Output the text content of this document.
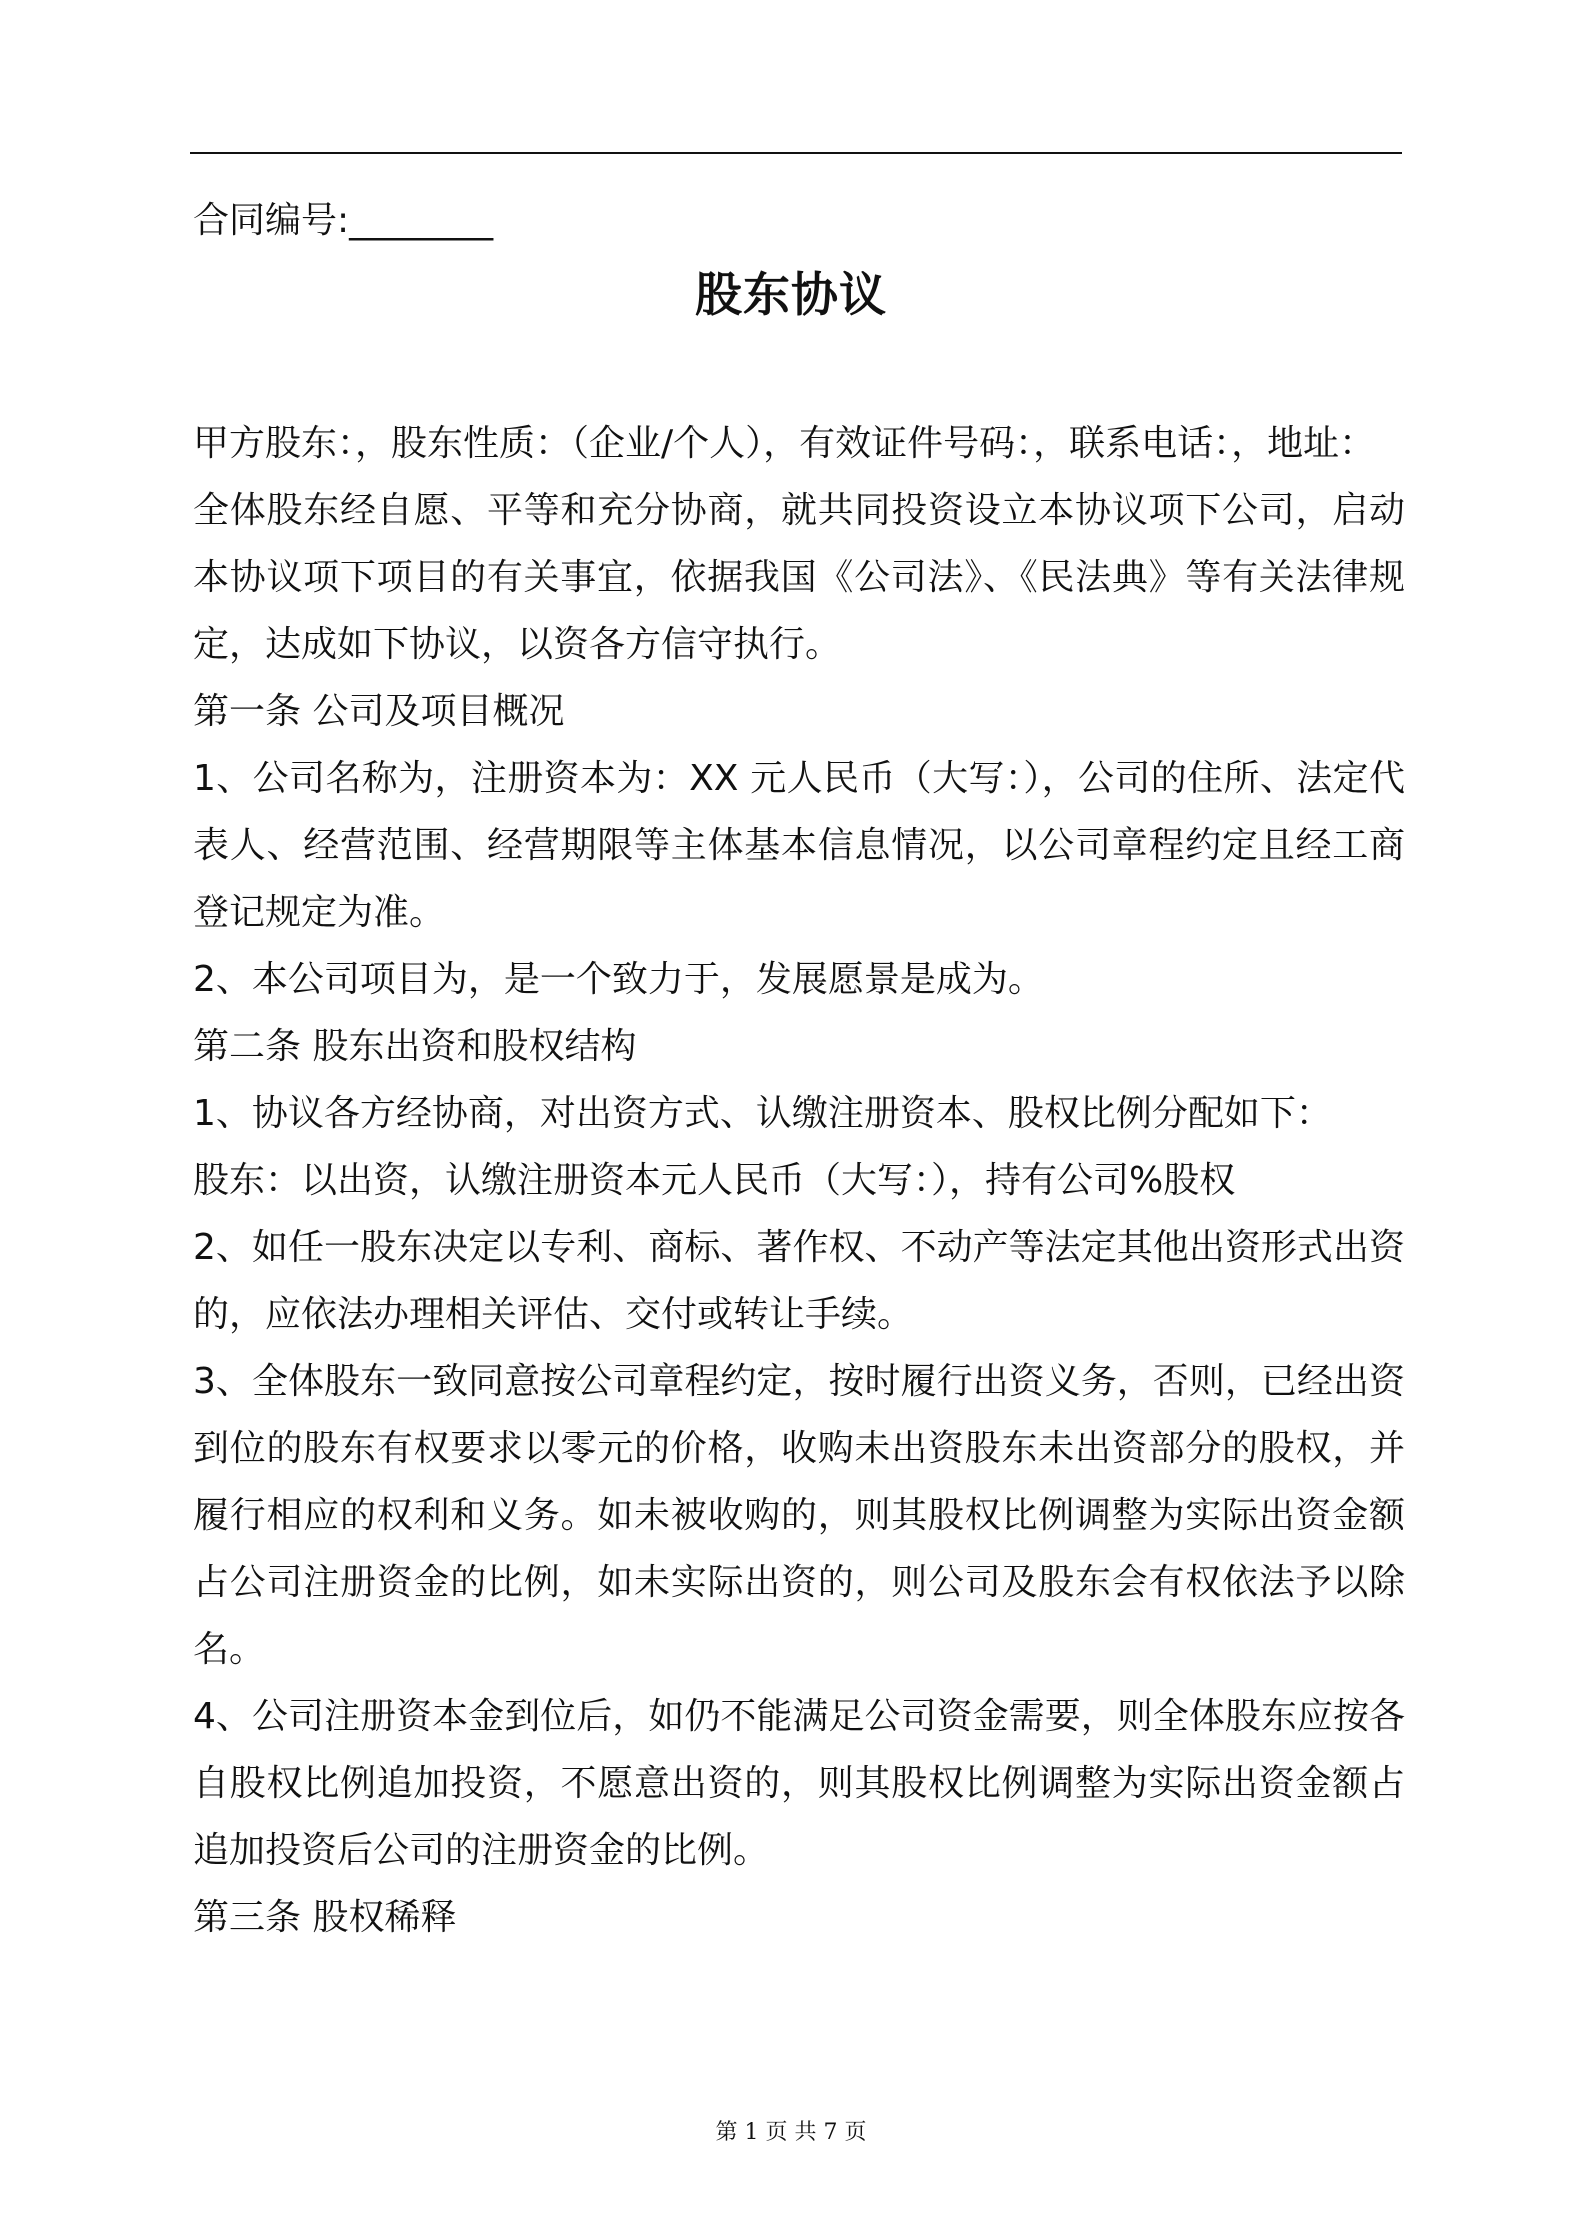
合同编号:________
股东协议

甲方股东：，股东性质：（企业/个人），有效证件号码：，联系电话：，地址：

全体股东经自愿、平等和充分协商，就共同投资设立本协议项下公司，启动本协议项下项目的有关事宜，依据我国《公司法》、《民法典》等有关法律规定，达成如下协议，以资各方信守执行。

第一条 公司及项目概况

1、公司名称为，注册资本为：XX 元人民币（大写：），公司的住所、法定代表人、经营范围、经营期限等主体基本信息情况，以公司章程约定且经工商登记规定为准。

2、本公司项目为，是一个致力于，发展愿景是成为。

第二条 股东出资和股权结构

1、协议各方经协商，对出资方式、认缴注册资本、股权比例分配如下：

股东：以出资，认缴注册资本元人民币（大写：），持有公司%股权

2、如任一股东决定以专利、商标、著作权、不动产等法定其他出资形式出资的，应依法办理相关评估、交付或转让手续。

3、全体股东一致同意按公司章程约定，按时履行出资义务，否则，已经出资到位的股东有权要求以零元的价格，收购未出资股东未出资部分的股权，并履行相应的权利和义务。如未被收购的，则其股权比例调整为实际出资金额占公司注册资金的比例，如未实际出资的，则公司及股东会有权依法予以除名。

4、公司注册资本金到位后，如仍不能满足公司资金需要，则全体股东应按各自股权比例追加投资，不愿意出资的，则其股权比例调整为实际出资金额占追加投资后公司的注册资金的比例。

第三条 股权稀释

第 1 页 共 7 页
